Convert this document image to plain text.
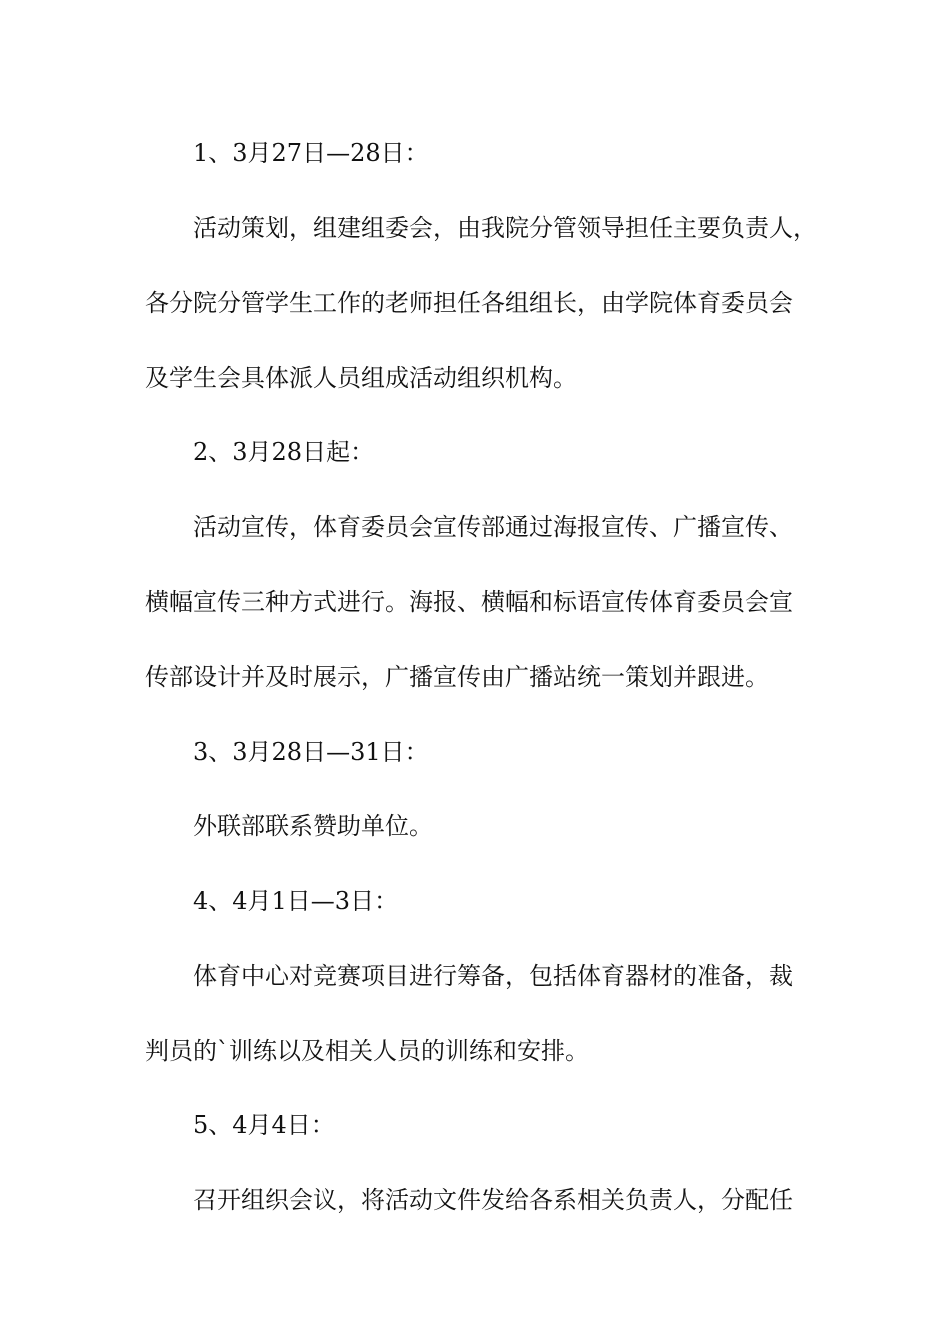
1、3月27日—28日：

活动策划，组建组委会，由我院分管领导担任主要负责人，

各分院分管学生工作的老师担任各组组长，由学院体育委员会

及学生会具体派人员组成活动组织机构。

2、3月28日起：

活动宣传，体育委员会宣传部通过海报宣传、广播宣传、

横幅宣传三种方式进行。海报、横幅和标语宣传体育委员会宣

传部设计并及时展示，广播宣传由广播站统一策划并跟进。

3、3月28日—31日：

外联部联系赞助单位。

4、4月1日—3日：

体育中心对竞赛项目进行筹备，包括体育器材的准备，裁

判员的`训练以及相关人员的训练和安排。

5、4月4日：

召开组织会议，将活动文件发给各系相关负责人，分配任
